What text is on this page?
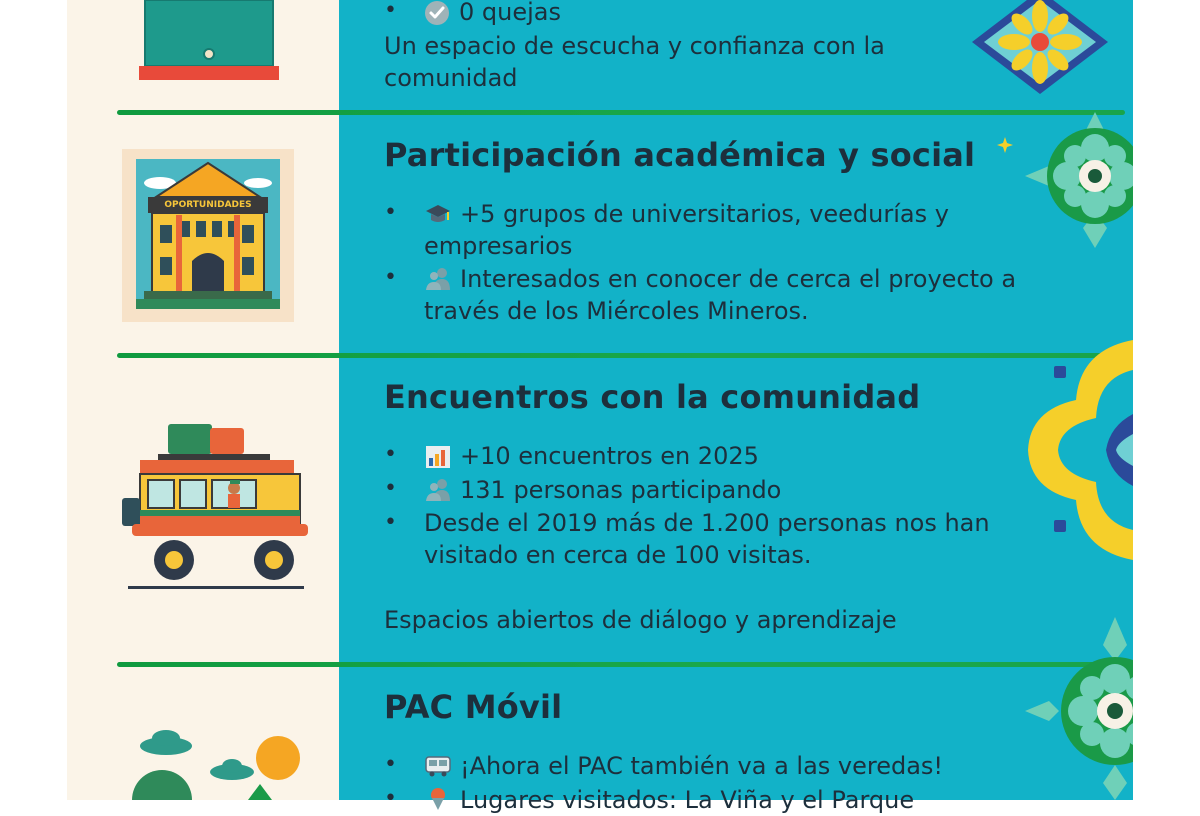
•	0 quejas
Un espacio de escucha y confianza con la comunidad
OPORTUNIDADES
Participación académica y social
•	+5 grupos de universitarios, veedurías y empresarios
•	Interesados en conocer de cerca el proyecto a través de los Miércoles Mineros.
Encuentros con la comunidad
•	+10 encuentros en 2025
•	131 personas participando
• Desde el 2019 más de 1.200 personas nos han visitado en cerca de 100 visitas.
Espacios abiertos de diálogo y aprendizaje
PAC Móvil
•	¡Ahora el PAC también va a las veredas!
•	Lugares visitados: La Viña y el Parque
